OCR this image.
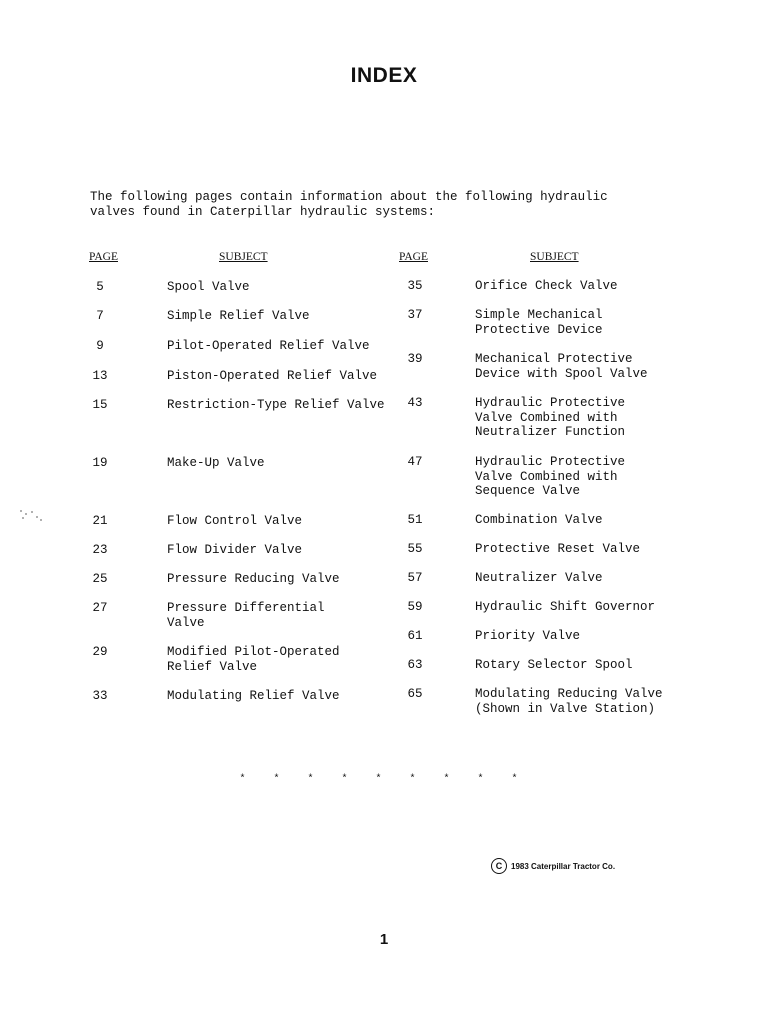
INDEX
The following pages contain information about the following hydraulic
valves found in Caterpillar hydraulic systems:
PAGE	SUBJECT	PAGE	SUBJECT
5	Spool Valve
7	Simple Relief Valve
9	Pilot-Operated Relief Valve
13	Piston-Operated Relief Valve
15	Restriction-Type Relief Valve
19	Make-Up Valve
21	Flow Control Valve
23	Flow Divider Valve
25	Pressure Reducing Valve
27	Pressure Differential
Valve
29	Modified Pilot-Operated
Relief Valve
33	Modulating Relief Valve
35	Orifice Check Valve
37	Simple Mechanical
Protective Device
39	Mechanical Protective
Device with Spool Valve
43	Hydraulic Protective
Valve Combined with
Neutralizer Function
47	Hydraulic Protective
Valve Combined with
Sequence Valve
51	Combination Valve
55	Protective Reset Valve
57	Neutralizer Valve
59	Hydraulic Shift Governor
61	Priority Valve
63	Rotary Selector Spool
65	Modulating Reducing Valve
(Shown in Valve Station)
* * * * * * * * *
C	1983 Caterpillar Tractor Co.
1
